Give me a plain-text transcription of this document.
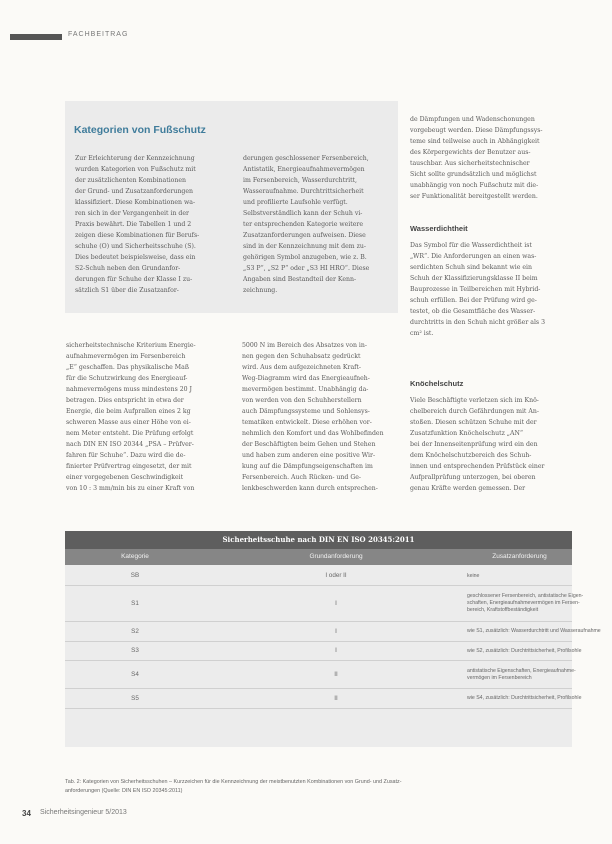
FACHBEITRAG
Kategorien von Fußschutz
Zur Erleichterung der Kennzeichnung
wurden Kategorien von Fußschutz mit
der zusätzlichenten Kombinationen
der Grund- und Zusatzanforderungen
klassifiziert. Diese Kombinationen wa-
ren sich in der Vergangenheit in der
Praxis bewährt. Die Tabellen 1 und 2
zeigen diese Kombinationen für Berufs-
schuhe (O) und Sicherheitsschuhe (S).
Dies bedeutet beispielsweise, dass ein
S2-Schuh neben den Grundanfor-
derungen für Schuhe der Klasse I zu-
sätzlich S1 über die Zusatzanfor-
derungen geschlossener Fersenbereich,
Antistatik, Energieaufnahmevermögen
im Fersenbereich, Wasserdurchtritt,
Wasseraufnahme. Durchtrittsicherheit
und profilierte Laufsohle verfügt.
Selbstverständlich kann der Schuh vi-
ter entsprechenden Kategorie weitere
Zusatzanforderungen aufweisen. Diese
sind in der Kennzeichnung mit dem zu-
gehörigen Symbol anzugeben, wie z. B.
„S3 P“, „S2 P“ oder „S3 HI HRO“. Diese
Angaben sind Bestandteil der Kenn-
zeichnung.
sicherheitstechnische Kriterium Energie-
aufnahmevermögen im Fersenbereich
„E“ geschaffen. Das physikalische Maß
für die Schutzwirkung des Energieauf-
nahmevermögens muss mindestens 20 J
betragen. Dies entspricht in etwa der
Energie, die beim Aufprallen eines 2 kg
schweren Masse aus einer Höhe von ei-
nem Meter entsteht. Die Prüfung erfolgt
nach DIN EN ISO 20344 „PSA – Prüfver-
fahren für Schuhe“. Dazu wird die de-
finierter Prüfvertrag eingesetzt, der mit
einer vorgegebenen Geschwindigkeit
von 10 : 3 mm/min bis zu einer Kraft von
5000 N im Bereich des Absatzes von in-
nen gegen den Schuhabsatz gedrückt
wird. Aus dem aufgezeichneten Kraft-
Weg-Diagramm wird das Energieaufneh-
mevermögen bestimmt. Unabhängig da-
von werden von den Schuhherstellern
auch Dämpfungssysteme und Sohlensys-
tematiken entwickelt. Diese erhöhen vor-
nehmlich den Komfort und das Wohlbefinden
der Beschäftigten beim Gehen und Stehen
und haben zum anderen eine positive Wir-
kung auf die Dämpfungseigenschaften im
Fersenbereich. Auch Rücken- und Ge-
lenkbeschwerden kann durch entsprechen-
de Dämpfungen und Wadenschonungen
vorgebeugt werden. Diese Dämpfungssys-
teme sind teilweise auch in Abhängigkeit
des Körpergewichts der Benutzer aus-
tauschbar. Aus sicherheitstechnischer
Sicht sollte grundsätzlich und möglichst
unabhängig von noch Fußschutz mit die-
ser Funktionalität bereitgestellt werden.
Wasserdichtheit
Das Symbol für die Wasserdichtheit ist
„WR“. Die Anforderungen an einen was-
serdichten Schuh sind bekannt wie ein
Schuh der Klassifizierungsklasse II beim
Bauprozesse in Teilbereichen mit Hybrid-
schuh erfüllen. Bei der Prüfung wird ge-
testet, ob die Gesamtfläche des Wasser-
durchtritts in den Schuh nicht größer als 3
cm² ist.
Knöchelschutz
Viele Beschäftigte verletzen sich im Knö-
chelbereich durch Gefährdungen mit An-
stoßen. Diesen schützen Schuhe mit der
Zusatzfunktion Knöchelschutz „AN“
bei der Innenseitenprüfung wird ein den
dem Knöchelschutzbereich des Schuh-
innen und entsprechenden Prüfstück einer
Aufprallprüfung unterzogen, bei oberen
genau Kräfte werden gemessen. Der
Sicherheitsschuhe nach DIN EN ISO 20345:2011
Kategorie	Grundanforderung	Zusatzanforderung
SB	I oder II	keine
S1	I
geschlossener Fersenbereich, antistatische Eigen-
schaften, Energieaufnahmevermögen im Fersen-
bereich, Kraftstoffbeständigkeit
S2	I	wie S1, zusätzlich: Wasserdurchtritt und Wasseraufnahme
S3	I	wie S2, zusätzlich: Durchtrittsicherheit, Profilsohle
S4	II	antistatische Eigenschaften, Energieaufnahme-
vermögen im Fersenbereich
S5	II	wie S4, zusätzlich: Durchtrittsicherheit, Profilsohle
Tab. 2: Kategorien von Sicherheitsschuhen – Kurzzeichen für die Kennzeichnung der meistbenutzten Kombinationen von Grund- und Zusatz-
anforderungen (Quelle: DIN EN ISO 20345:2011)
34 Sicherheitsingenieur 5/2013
